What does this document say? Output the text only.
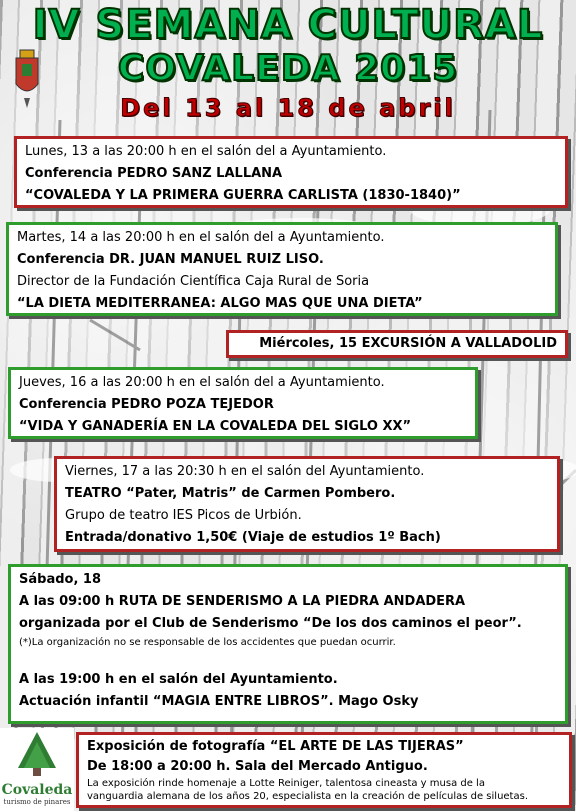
IV SEMANA CULTURAL
COVALEDA 2015
Del 13 al 18 de abril
Lunes, 13 a las 20:00 h en el salón del a Ayuntamiento.
Conferencia PEDRO SANZ LALLANA
“COVALEDA Y LA PRIMERA GUERRA CARLISTA (1830-1840)”
Martes, 14 a las 20:00 h en el salón del a Ayuntamiento.
Conferencia DR. JUAN MANUEL RUIZ LISO.
Director de la Fundación Científica Caja Rural de Soria
“LA DIETA MEDITERRANEA: ALGO MAS QUE UNA DIETA”
Miércoles, 15 EXCURSIÓN A VALLADOLID
Jueves, 16 a las 20:00 h en el salón del a Ayuntamiento.
Conferencia PEDRO POZA TEJEDOR
“VIDA Y GANADERÍA EN LA COVALEDA DEL SIGLO XX”
Viernes, 17 a las 20:30 h en el salón del Ayuntamiento.
TEATRO “Pater, Matris” de Carmen Pombero.
Grupo de teatro IES Picos de Urbión.
Entrada/donativo 1,50€ (Viaje de estudios 1º Bach)
Sábado, 18
A las 09:00 h RUTA DE SENDERISMO A LA PIEDRA ANDADERA
organizada por el Club de Senderismo “De los dos caminos el peor”.
(*)La organización no se responsable de los accidentes que puedan ocurrir.
A las 19:00 h en el salón del Ayuntamiento.
Actuación infantil “MAGIA ENTRE LIBROS”. Mago Osky
Exposición de fotografía “EL ARTE DE LAS TIJERAS”
De 18:00 a 20:00 h. Sala del Mercado Antiguo.
La exposición rinde homenaje a Lotte Reiniger, talentosa cineasta y musa de la
vanguardia alemana de los años 20, especialista en la creación de películas de siluetas.
Covaleda
turismo de pinares
